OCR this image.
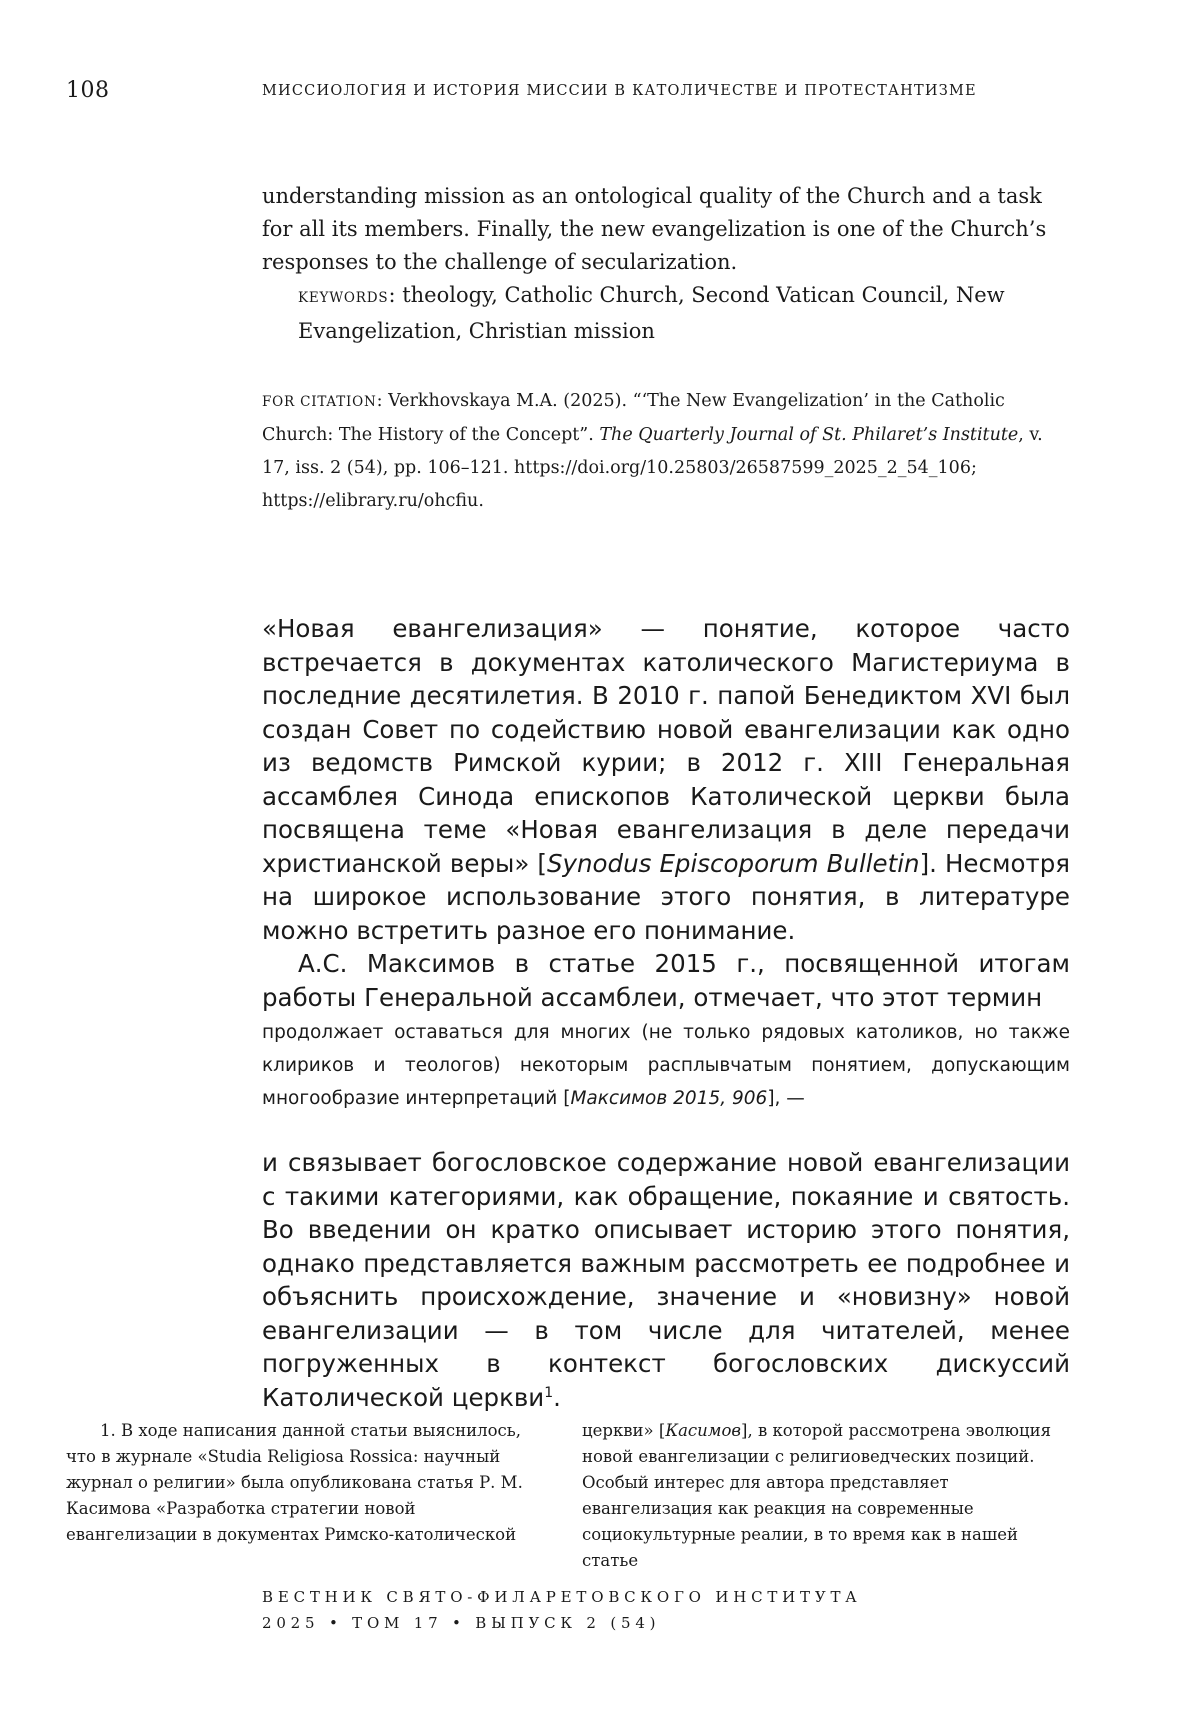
108	МИССИОЛОГИЯ И ИСТОРИЯ МИССИИ В КАТОЛИЧЕСТВЕ И ПРОТЕСТАНТИЗМЕ

understanding mission as an ontological quality of the Church and a task for all its members. Finally, the new evangelization is one of the Church’s responses to the challenge of secularization.

KEYWORDS: theology, Catholic Church, Second Vatican Council, New Evangelization, Christian mission

FOR CITATION: Verkhovskaya M.A. (2025). “‘The New Evangelization’ in the Catholic Church: The History of the Concept”. The Quarterly Journal of St. Philaret’s Institute, v. 17, iss. 2 (54), pp. 106–121. https://doi.org/10.25803/26587599_2025_2_54_106; https://elibrary.ru/ohcfiu.

«Новая евангелизация» — понятие, которое часто встречается в документах католического Магистериума в последние десятилетия. В 2010 г. папой Бенедиктом XVI был создан Совет по содействию новой евангелизации как одно из ведомств Римской курии; в 2012 г. XIII Генеральная ассамблея Синода епископов Католической церкви была посвящена теме «Новая евангелизация в деле передачи христианской веры» [Synodus Episcoporum Bulletin]. Несмотря на широкое использование этого понятия, в литературе можно встретить разное его понимание.

А.С. Максимов в статье 2015 г., посвященной итогам работы Генеральной ассамблеи, отмечает, что этот термин

продолжает оставаться для многих (не только рядовых католиков, но также клириков и теологов) некоторым расплывчатым понятием, допускающим многообразие интерпретаций [Максимов 2015, 906], —

и связывает богословское содержание новой евангелизации с такими категориями, как обращение, покаяние и святость. Во введении он кратко описывает историю этого понятия, однако представляется важным рассмотреть ее подробнее и объяснить происхождение, значение и «новизну» новой евангелизации — в том числе для читателей, менее погруженных в контекст богословских дискуссий Католической церкви$^1$.

1. В ходе написания данной статьи выяснилось, что в журнале «Studia Religiosa Rossica: научный журнал о религии» была опубликована статья Р. М. Касимова «Разработка стратегии новой евангелизации в документах Римско-католической

церкви» [Касимов], в которой рассмотрена эволюция новой евангелизации с религиоведческих позиций. Особый интерес для автора представляет евангелизация как реакция на современные социокультурные реалии, в то время как в нашей статье

ВЕСТНИК СВЯТО-ФИЛАРЕТОВСКОГО ИНСТИТУТА
2025 • ТОМ 17 • ВЫПУСК 2 (54)
